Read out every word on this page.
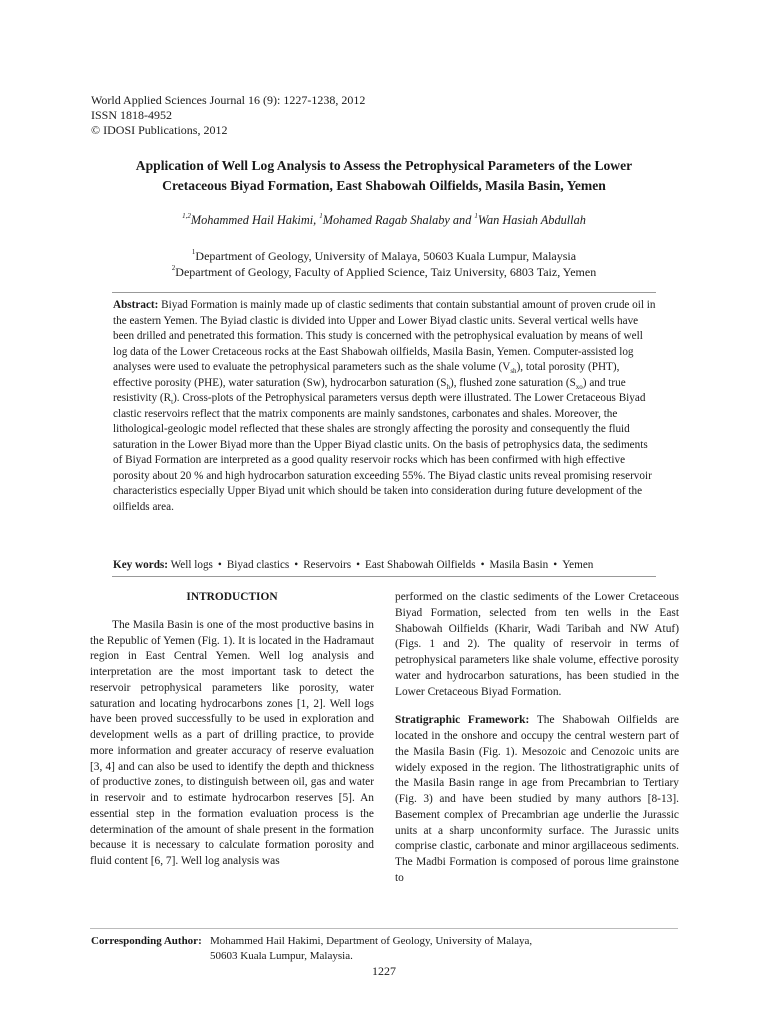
World Applied Sciences Journal 16 (9): 1227-1238, 2012
ISSN 1818-4952
© IDOSI Publications, 2012
Application of Well Log Analysis to Assess the Petrophysical Parameters of the Lower
Cretaceous Biyad Formation, East Shabowah Oilfields, Masila Basin, Yemen
$^{1,2}$Mohammed Hail Hakimi, $^1$Mohamed Ragab Shalaby and $^1$Wan Hasiah Abdullah
$^1$Department of Geology, University of Malaya, 50603 Kuala Lumpur, Malaysia
$^2$Department of Geology, Faculty of Applied Science, Taiz University, 6803 Taiz, Yemen
Abstract: Biyad Formation is mainly made up of clastic sediments that contain substantial amount of proven crude oil in the eastern Yemen. The Byiad clastic is divided into Upper and Lower Biyad clastic units. Several vertical wells have been drilled and penetrated this formation. This study is concerned with the petrophysical evaluation by means of well log data of the Lower Cretaceous rocks at the East Shabowah oilfields, Masila Basin, Yemen. Computer-assisted log analyses were used to evaluate the petrophysical parameters such as the shale volume $(V_{sh})$, total porosity (PHT), effective porosity (PHE), water saturation (Sw), hydrocarbon saturation $(S_h)$, flushed zone saturation $(S_{xo})$ and true resistivity $(R_t)$. Cross-plots of the Petrophysical parameters versus depth were illustrated. The Lower Cretaceous Biyad clastic reservoirs reflect that the matrix components are mainly sandstones, carbonates and shales. Moreover, the lithological-geologic model reflected that these shales are strongly affecting the porosity and consequently the fluid saturation in the Lower Biyad more than the Upper Biyad clastic units. On the basis of petrophysics data, the sediments of Biyad Formation are interpreted as a good quality reservoir rocks which has been confirmed with high effective porosity about 20 % and high hydrocarbon saturation exceeding 55%. The Biyad clastic units reveal promising reservoir characteristics especially Upper Biyad unit which should be taken into consideration during future development of the oilfields area.
Key words: Well logs • Biyad clastics • Reservoirs • East Shabowah Oilfields • Masila Basin • Yemen
INTRODUCTION

The Masila Basin is one of the most productive basins in the Republic of Yemen (Fig. 1). It is located in the Hadramaut region in East Central Yemen. Well log analysis and interpretation are the most important task to detect the reservoir petrophysical parameters like porosity, water saturation and locating hydrocarbons zones [1, 2]. Well logs have been proved successfully to be used in exploration and development wells as a part of drilling practice, to provide more information and greater accuracy of reserve evaluation [3, 4] and can also be used to identify the depth and thickness of productive zones, to distinguish between oil, gas and water in reservoir and to estimate hydrocarbon reserves [5]. An essential step in the formation evaluation process is the determination of the amount of shale present in the formation because it is necessary to calculate formation porosity and fluid content [6, 7]. Well log analysis was

performed on the clastic sediments of the Lower Cretaceous Biyad Formation, selected from ten wells in the East Shabowah Oilfields (Kharir, Wadi Taribah and NW Atuf) (Figs. 1 and 2). The quality of reservoir in terms of petrophysical parameters like shale volume, effective porosity water and hydrocarbon saturations, has been studied in the Lower Cretaceous Biyad Formation.

Stratigraphic Framework: The Shabowah Oilfields are located in the onshore and occupy the central western part of the Masila Basin (Fig. 1). Mesozoic and Cenozoic units are widely exposed in the region. The lithostratigraphic units of the Masila Basin range in age from Precambrian to Tertiary (Fig. 3) and have been studied by many authors [8-13]. Basement complex of Precambrian age underlie the Jurassic units at a sharp unconformity surface. The Jurassic units comprise clastic, carbonate and minor argillaceous sediments. The Madbi Formation is composed of porous lime grainstone to

Corresponding Author: Mohammed Hail Hakimi, Department of Geology, University of Malaya,
50603 Kuala Lumpur, Malaysia.
1227
